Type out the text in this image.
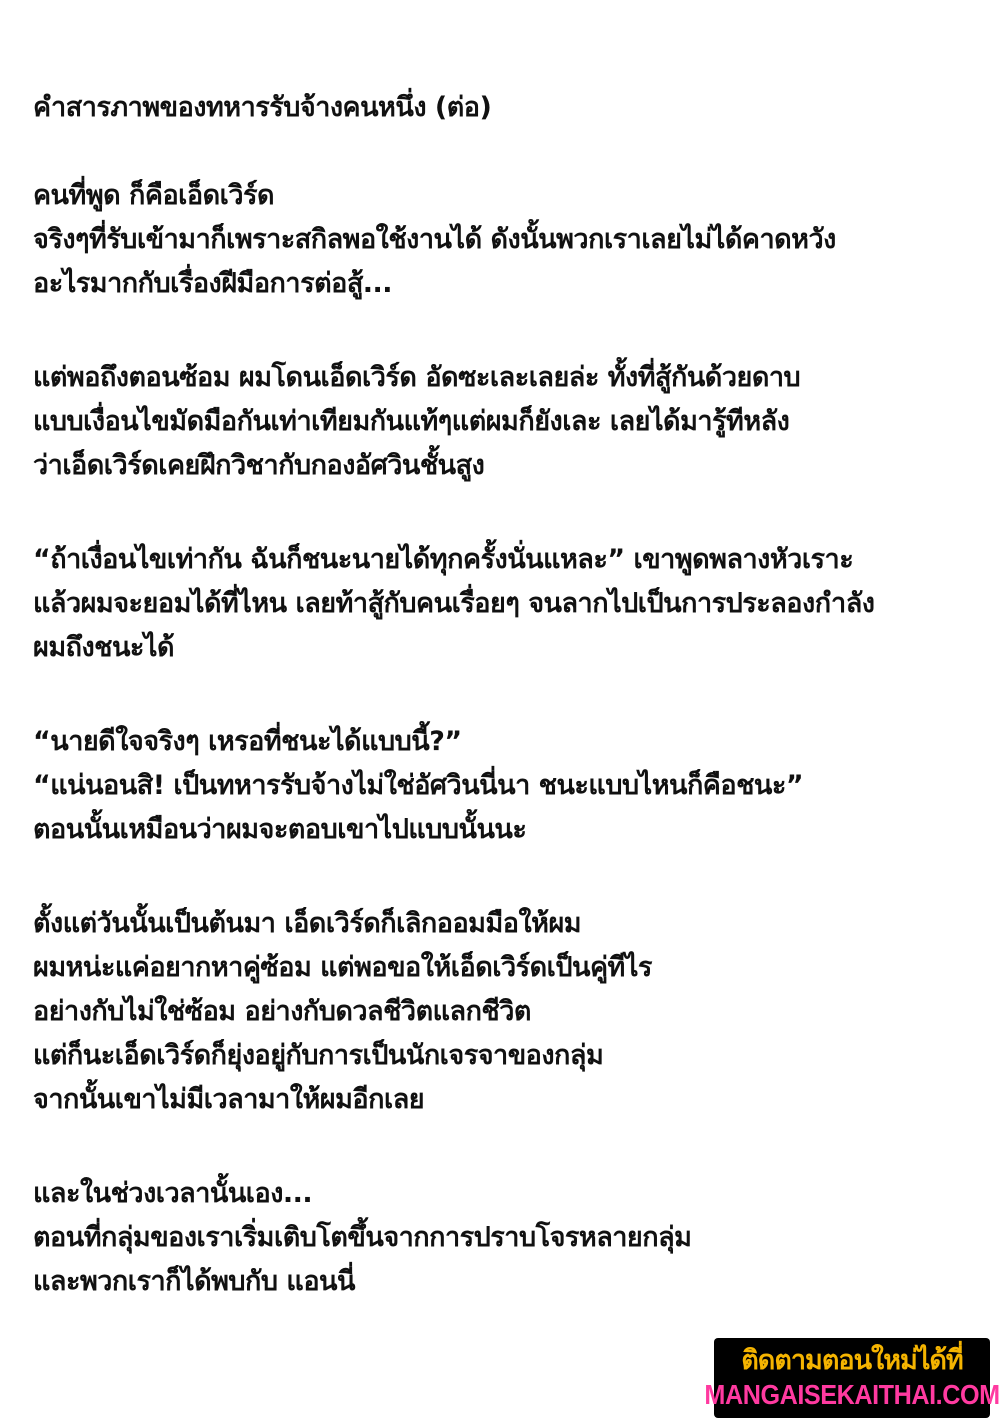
คำสารภาพของทหารรับจ้างคนหนึ่ง (ต่อ)
คนที่พูด ก็คือเอ็ดเวิร์ด
จริงๆที่รับเข้ามาก็เพราะสกิลพอใช้งานได้ ดังนั้นพวกเราเลยไม่ได้คาดหวัง
อะไรมากกับเรื่องฝีมือการต่อสู้...
แต่พอถึงตอนซ้อม ผมโดนเอ็ดเวิร์ด อัดซะเละเลยล่ะ ทั้งที่สู้กันด้วยดาบ
แบบเงื่อนไขมัดมือกันเท่าเทียมกันแท้ๆแต่ผมก็ยังเละ เลยได้มารู้ทีหลัง
ว่าเอ็ดเวิร์ดเคยฝึกวิชากับกองอัศวินชั้นสูง
“ถ้าเงื่อนไขเท่ากัน ฉันก็ชนะนายได้ทุกครั้งนั่นแหละ” เขาพูดพลางหัวเราะ
แล้วผมจะยอมได้ที่ไหน เลยท้าสู้กับคนเรื่อยๆ จนลากไปเป็นการประลองกำลัง
ผมถึงชนะได้
“นายดีใจจริงๆ เหรอที่ชนะได้แบบนี้?”
“แน่นอนสิ! เป็นทหารรับจ้างไม่ใช่อัศวินนี่นา ชนะแบบไหนก็คือชนะ”
ตอนนั้นเหมือนว่าผมจะตอบเขาไปแบบนั้นนะ
ตั้งแต่วันนั้นเป็นต้นมา เอ็ดเวิร์ดก็เลิกออมมือให้ผม
ผมหน่ะแค่อยากหาคู่ซ้อม แต่พอขอให้เอ็ดเวิร์ดเป็นคู่ทีไร
อย่างกับไม่ใช่ซ้อม อย่างกับดวลชีวิตแลกชีวิต
แต่ก็นะเอ็ดเวิร์ดก็ยุ่งอยู่กับการเป็นนักเจรจาของกลุ่ม
จากนั้นเขาไม่มีเวลามาให้ผมอีกเลย
และในช่วงเวลานั้นเอง...
ตอนที่กลุ่มของเราเริ่มเติบโตขึ้นจากการปราบโจรหลายกลุ่ม
และพวกเราก็ได้พบกับ แอนนี่
ติดตามตอนใหม่ได้ที่
MANGAISEKAITHAI.COM
